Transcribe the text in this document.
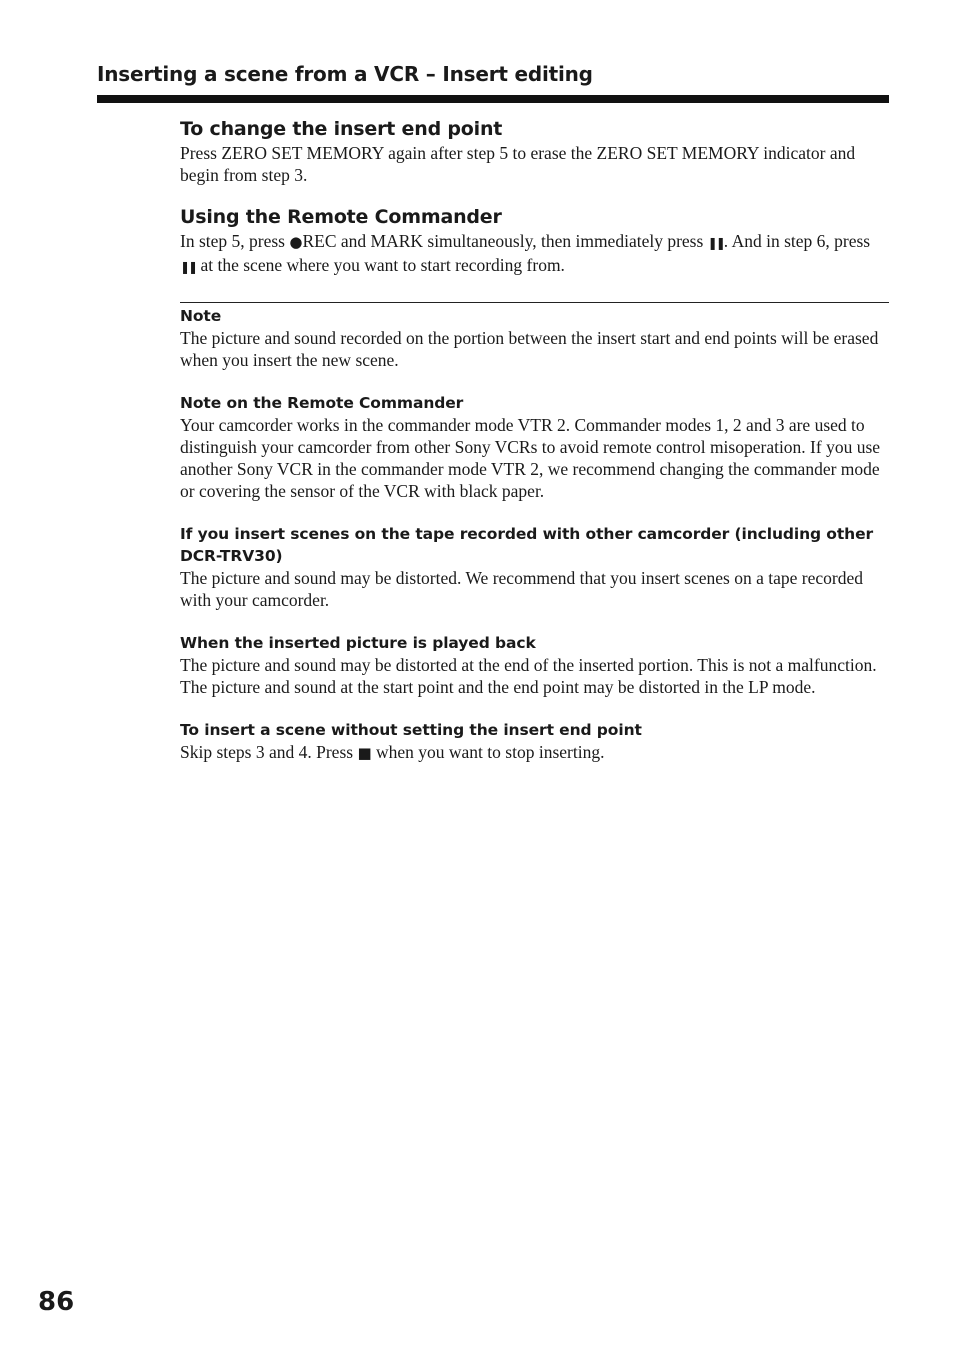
Inserting a scene from a VCR – Insert editing
To change the insert end point

Press ZERO SET MEMORY again after step 5 to erase the ZERO SET MEMORY indicator and begin from step 3.

Using the Remote Commander

In step 5, press ●REC and MARK simultaneously, then immediately press ❚❚. And in step 6, press ❚❚ at the scene where you want to start recording from.

Note

The picture and sound recorded on the portion between the insert start and end points will be erased when you insert the new scene.

Note on the Remote Commander

Your camcorder works in the commander mode VTR 2. Commander modes 1, 2 and 3 are used to distinguish your camcorder from other Sony VCRs to avoid remote control misoperation. If you use another Sony VCR in the commander mode VTR 2, we recommend changing the commander mode or covering the sensor of the VCR with black paper.

If you insert scenes on the tape recorded with other camcorder (including other DCR-TRV30)

The picture and sound may be distorted. We recommend that you insert scenes on a tape recorded with your camcorder.

When the inserted picture is played back

The picture and sound may be distorted at the end of the inserted portion. This is not a malfunction.

The picture and sound at the start point and the end point may be distorted in the LP mode.

To insert a scene without setting the insert end point

Skip steps 3 and 4. Press ■ when you want to stop inserting.

86
